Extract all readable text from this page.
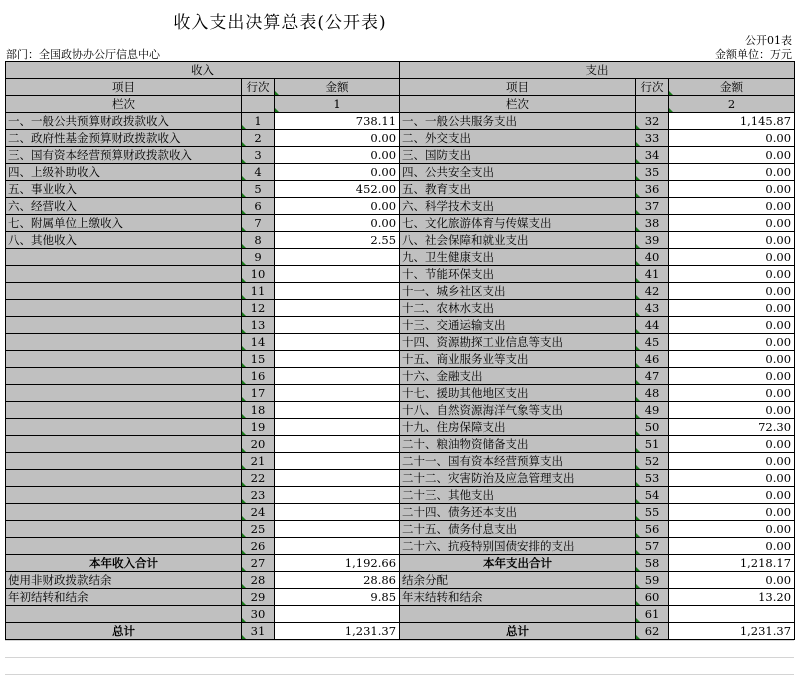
收入支出决算总表(公开表)
公开01表
部门：全国政协办公厅信息中心	金额单位：万元
收入			支出		
项目	行次	金额	项目	行次	金额
栏次		1	栏次		2
一、一般公共预算财政拨款收入	1	738.11	一、一般公共服务支出	32	1,145.87
二、政府性基金预算财政拨款收入	2	0.00	二、外交支出	33	0.00
三、国有资本经营预算财政拨款收入	3	0.00	三、国防支出	34	0.00
四、上级补助收入	4	0.00	四、公共安全支出	35	0.00
五、事业收入	5	452.00	五、教育支出	36	0.00
六、经营收入	6	0.00	六、科学技术支出	37	0.00
七、附属单位上缴收入	7	0.00	七、文化旅游体育与传媒支出	38	0.00
八、其他收入	8	2.55	八、社会保障和就业支出	39	0.00
	9		九、卫生健康支出	40	0.00
	10		十、节能环保支出	41	0.00
	11		十一、城乡社区支出	42	0.00
	12		十二、农林水支出	43	0.00
	13		十三、交通运输支出	44	0.00
	14		十四、资源勘探工业信息等支出	45	0.00
	15		十五、商业服务业等支出	46	0.00
	16		十六、金融支出	47	0.00
	17		十七、援助其他地区支出	48	0.00
	18		十八、自然资源海洋气象等支出	49	0.00
	19		十九、住房保障支出	50	72.30
	20		二十、粮油物资储备支出	51	0.00
	21		二十一、国有资本经营预算支出	52	0.00
	22		二十二、灾害防治及应急管理支出	53	0.00
	23		二十三、其他支出	54	0.00
	24		二十四、债务还本支出	55	0.00
	25		二十五、债务付息支出	56	0.00
	26		二十六、抗疫特别国债安排的支出	57	0.00
本年收入合计	27	1,192.66	本年支出合计	58	1,218.17
使用非财政拨款结余	28	28.86	结余分配	59	0.00
年初结转和结余	29	9.85	年末结转和结余	60	13.20
	30			61	
总计	31	1,231.37	总计	62	1,231.37
